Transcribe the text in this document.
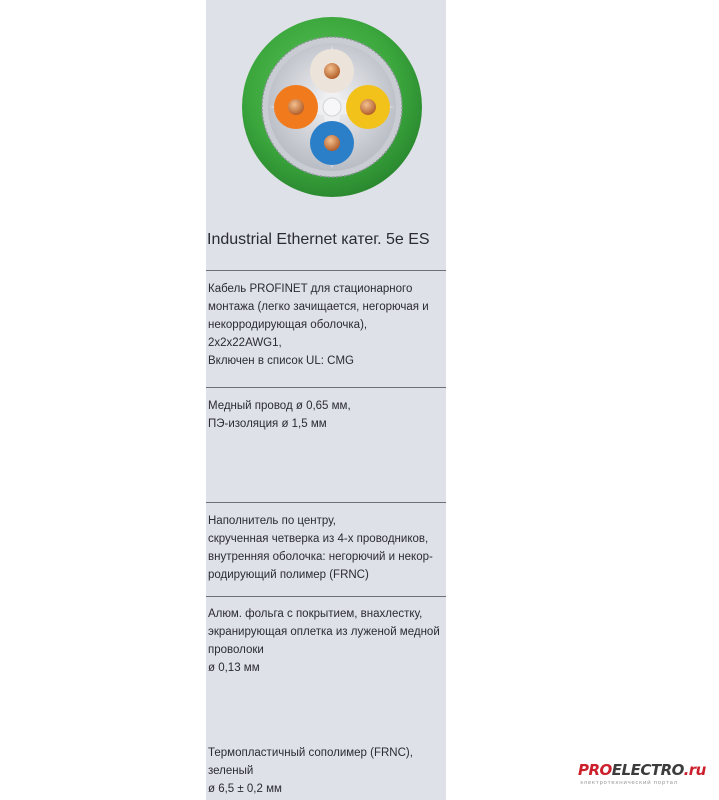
Industrial Ethernet катег. 5e ES
Кабель PROFINET для стационарного
монтажа (легко зачищается, негорючая и
некорродирующая оболочка),
2x2x22AWG1,
Включен в список UL: CMG
Медный провод ø 0,65 мм,
ПЭ-изоляция ø 1,5 мм
Наполнитель по центру,
скрученная четверка из 4-х проводников,
внутренняя оболочка: негорючий и некор-
родирующий полимер (FRNC)
Алюм. фольга с покрытием, внахлестку,
экранирующая оплетка из луженой медной
проволоки
ø 0,13 мм
Термопластичный сополимер (FRNC),
зеленый
ø 6,5 ± 0,2 мм
PROELECTRO.ru
электротехнический портал
